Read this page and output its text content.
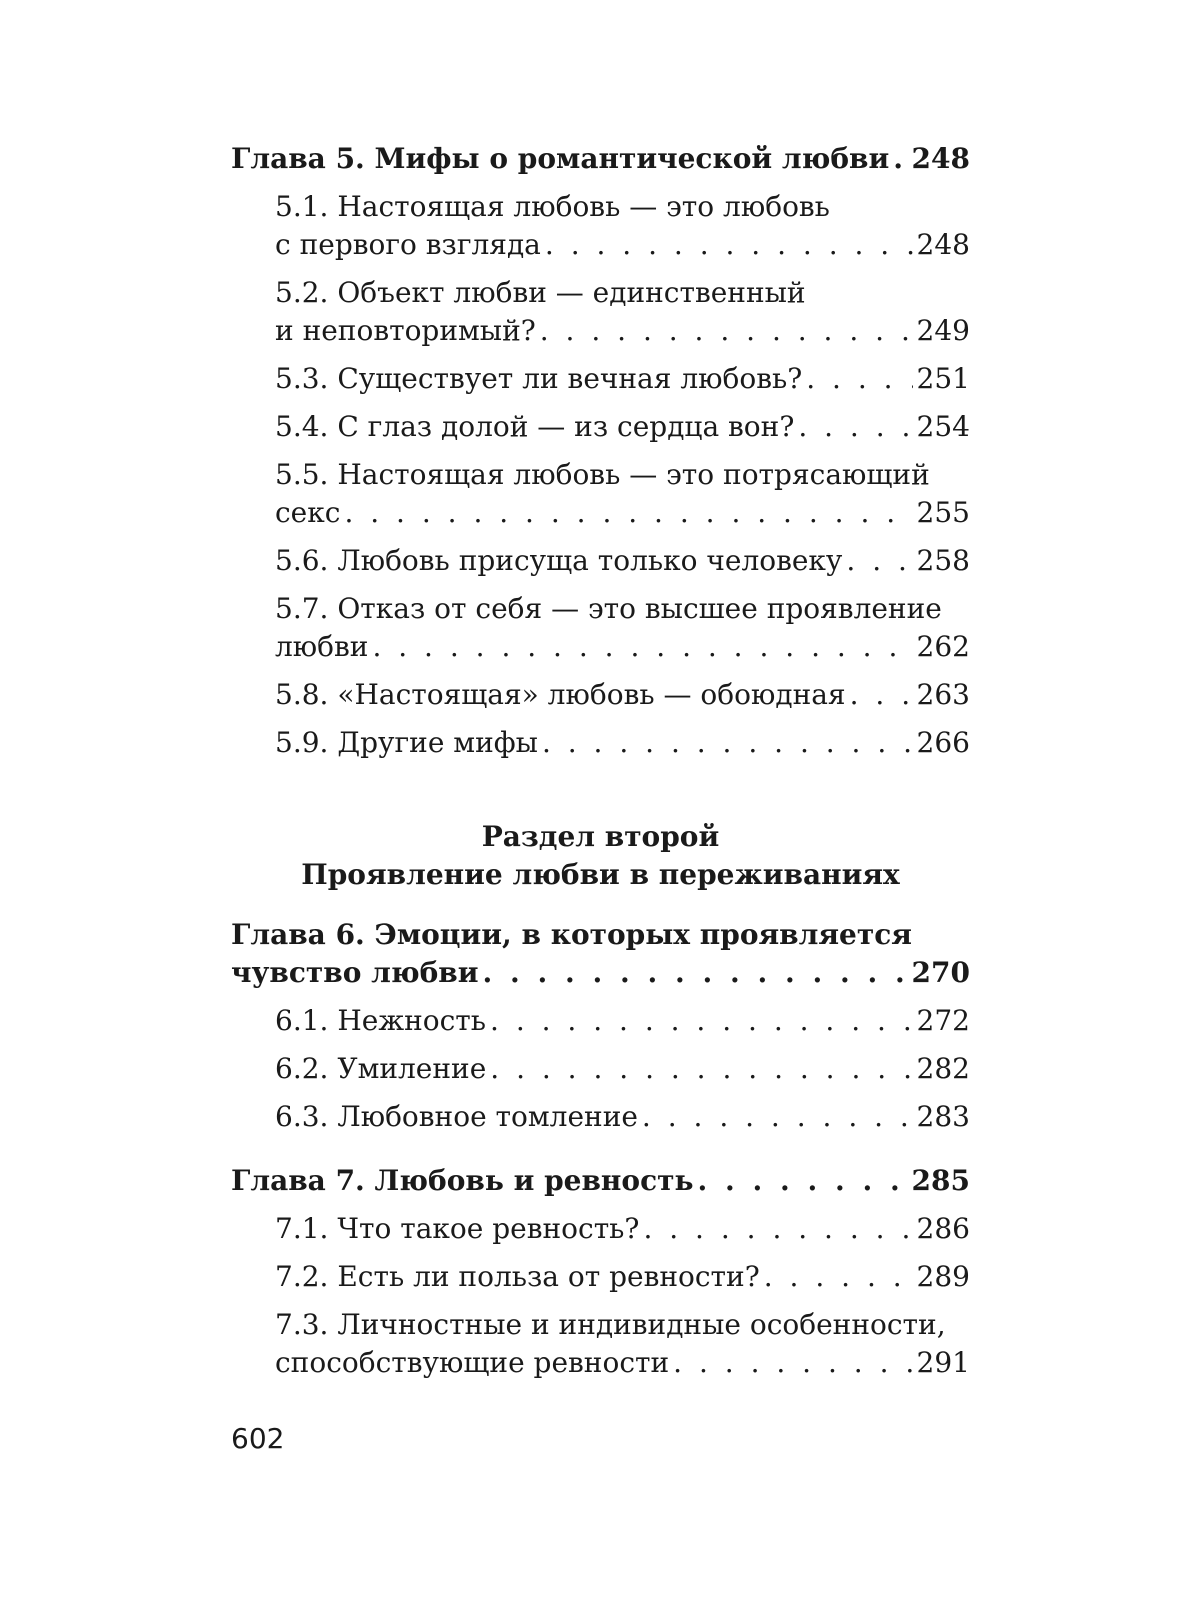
Глава 5. Мифы о романтической любви . . . 248
5.1. Настоящая любовь — это любовь
с первого взгляда . . .	248
5.2. Объект любви — единственный
и неповторимый? . . .	249
5.3. Существует ли вечная любовь? . . .	251
5.4. С глаз долой — из сердца вон? . . .	254
5.5. Настоящая любовь — это потрясающий
секс . . .	255
5.6. Любовь присуща только человеку . . .	258
5.7. Отказ от себя — это высшее проявление
любви . . .	262
5.8. «Настоящая» любовь — обоюдная . . .	263
5.9. Другие мифы . . .	266
Раздел второй
Проявление любви в переживаниях
Глава 6. Эмоции, в которых проявляется
чувство любви . . .	270
6.1. Нежность . . .	272
6.2. Умиление . . .	282
6.3. Любовное томление . . .	283
Глава 7. Любовь и ревность . . .	285
7.1. Что такое ревность? . . .	286
7.2. Есть ли польза от ревности? . . .	289
7.3. Личностные и индивидные особенности,
способствующие ревности . . .	291
602
